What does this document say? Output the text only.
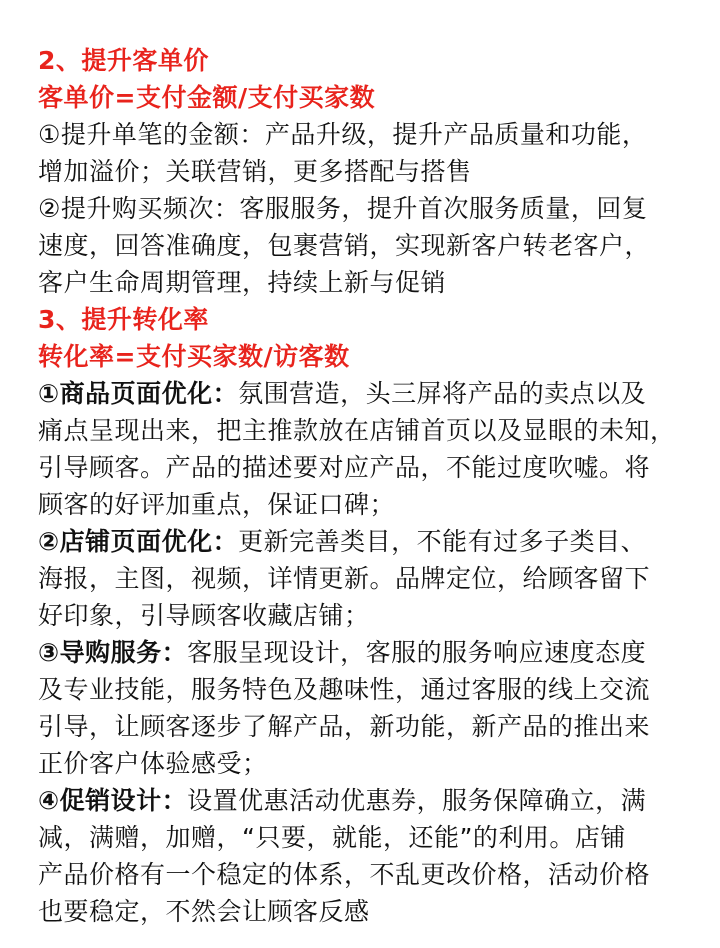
2、提升客单价
客单价=支付金额/支付买家数
①提升单笔的金额：产品升级，提升产品质量和功能，
增加溢价；关联营销，更多搭配与搭售
②提升购买频次：客服服务，提升首次服务质量，回复
速度，回答准确度，包裹营销，实现新客户转老客户，
客户生命周期管理，持续上新与促销
3、提升转化率
转化率=支付买家数/访客数
①商品页面优化：氛围营造，头三屏将产品的卖点以及
痛点呈现出来，把主推款放在店铺首页以及显眼的未知，
引导顾客。产品的描述要对应产品，不能过度吹嘘。将
顾客的好评加重点，保证口碑；
②店铺页面优化：更新完善类目，不能有过多子类目、
海报，主图，视频，详情更新。品牌定位，给顾客留下
好印象，引导顾客收藏店铺；
③导购服务：客服呈现设计，客服的服务响应速度态度
及专业技能，服务特色及趣味性，通过客服的线上交流
引导，让顾客逐步了解产品，新功能，新产品的推出来
正价客户体验感受；
④促销设计：设置优惠活动优惠券，服务保障确立，满
减，满赠，加赠，“只要，就能，还能”的利用。店铺
产品价格有一个稳定的体系，不乱更改价格，活动价格
也要稳定，不然会让顾客反感
